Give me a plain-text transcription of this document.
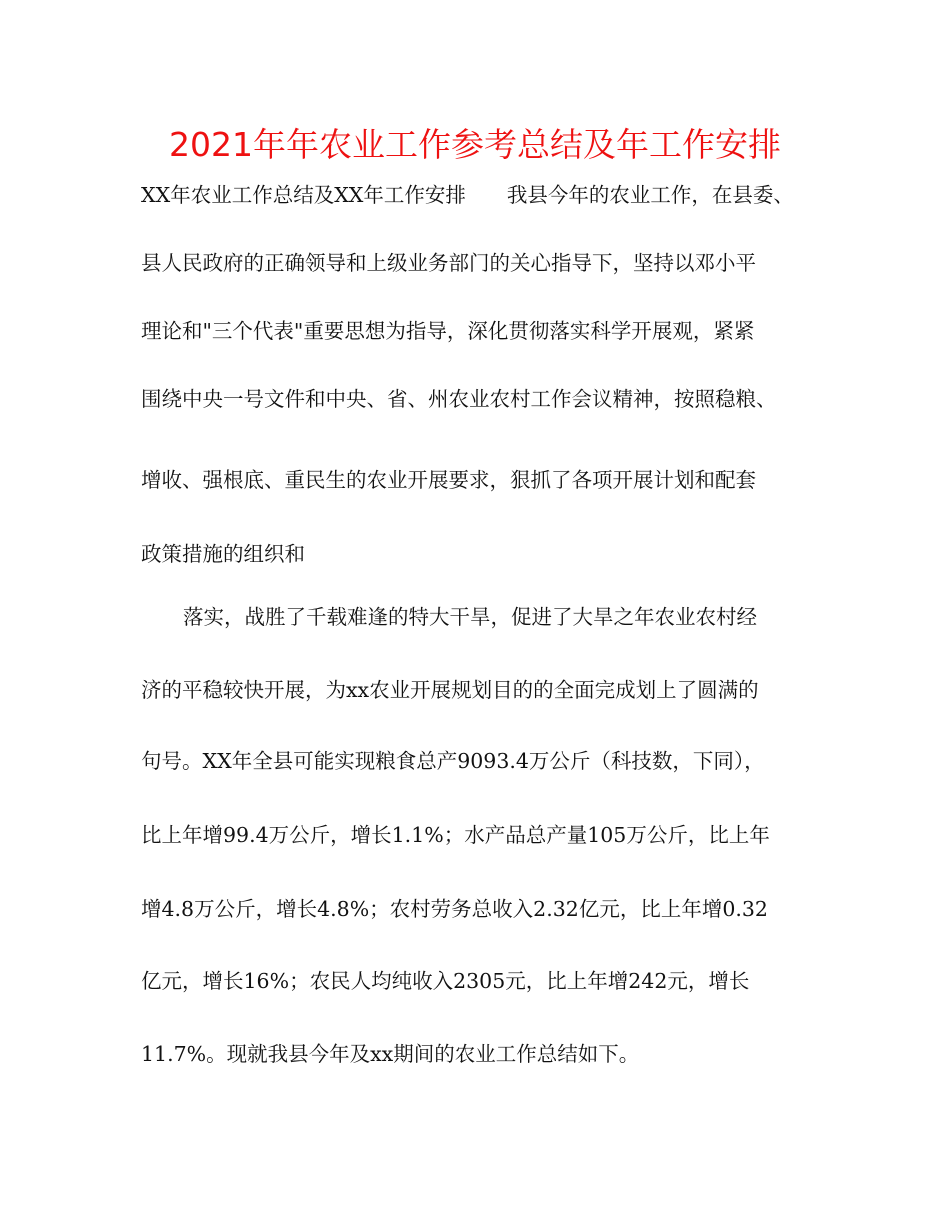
2021年年农业工作参考总结及年工作安排
XX年农业工作总结及XX年工作安排　　我县今年的农业工作，在县委、
县人民政府的正确领导和上级业务部门的关心指导下，坚持以邓小平
理论和"三个代表"重要思想为指导，深化贯彻落实科学开展观，紧紧
围绕中央一号文件和中央、省、州农业农村工作会议精神，按照稳粮、
增收、强根底、重民生的农业开展要求，狠抓了各项开展计划和配套
政策措施的组织和
落实，战胜了千载难逢的特大干旱，促进了大旱之年农业农村经
济的平稳较快开展，为xx农业开展规划目的的全面完成划上了圆满的
句号。XX年全县可能实现粮食总产9093.4万公斤（科技数，下同），
比上年增99.4万公斤，增长1.1%；水产品总产量105万公斤，比上年
增4.8万公斤，增长4.8%；农村劳务总收入2.32亿元，比上年增0.32
亿元，增长16%；农民人均纯收入2305元，比上年增242元，增长
11.7%。现就我县今年及xx期间的农业工作总结如下。
